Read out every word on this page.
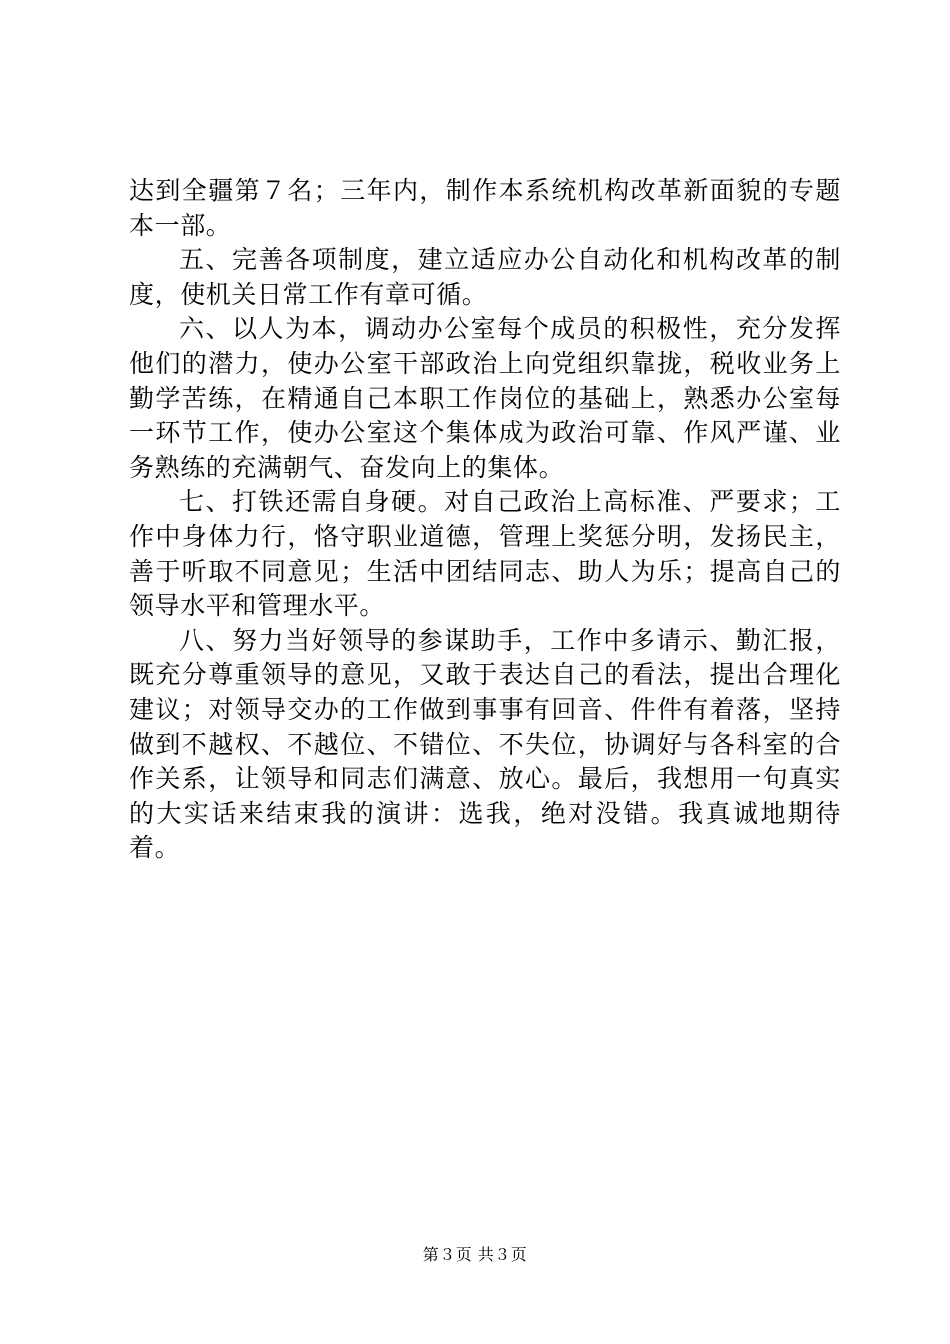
达到全疆第７名；三年内，制作本系统机构改革新面貌的专题本一部。

五、完善各项制度，建立适应办公自动化和机构改革的制度，使机关日常工作有章可循。

六、以人为本，调动办公室每个成员的积极性，充分发挥他们的潜力，使办公室干部政治上向党组织靠拢，税收业务上勤学苦练，在精通自己本职工作岗位的基础上，熟悉办公室每一环节工作，使办公室这个集体成为政治可靠、作风严谨、业务熟练的充满朝气、奋发向上的集体。

七、打铁还需自身硬。对自己政治上高标准、严要求；工作中身体力行，恪守职业道德，管理上奖惩分明，发扬民主，善于听取不同意见；生活中团结同志、助人为乐；提高自己的领导水平和管理水平。

八、努力当好领导的参谋助手，工作中多请示、勤汇报，既充分尊重领导的意见，又敢于表达自己的看法，提出合理化建议；对领导交办的工作做到事事有回音、件件有着落，坚持做到不越权、不越位、不错位、不失位，协调好与各科室的合作关系，让领导和同志们满意、放心。最后，我想用一句真实的大实话来结束我的演讲：选我，绝对没错。我真诚地期待着。

第３页 共３页
